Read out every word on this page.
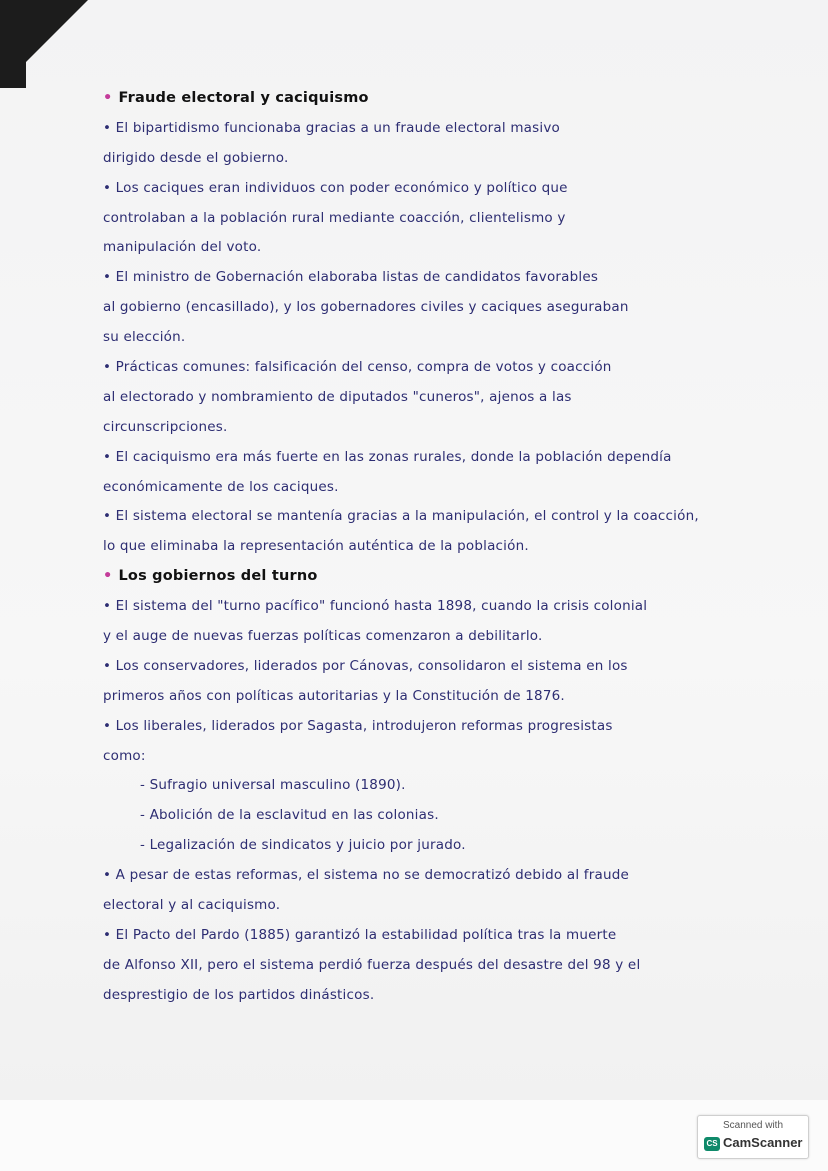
• Fraude electoral y caciquismo
• El bipartidismo funcionaba gracias a un fraude electoral masivo
dirigido desde el gobierno.
• Los caciques eran individuos con poder económico y político que
controlaban a la población rural mediante coacción, clientelismo y
manipulación del voto.
• El ministro de Gobernación elaboraba listas de candidatos favorables
al gobierno (encasillado), y los gobernadores civiles y caciques aseguraban
su elección.
• Prácticas comunes: falsificación del censo, compra de votos y coacción
al electorado y nombramiento de diputados "cuneros", ajenos a las
circunscripciones.
• El caciquismo era más fuerte en las zonas rurales, donde la población dependía
económicamente de los caciques.
• El sistema electoral se mantenía gracias a la manipulación, el control y la coacción,
lo que eliminaba la representación auténtica de la población.
• Los gobiernos del turno
• El sistema del "turno pacífico" funcionó hasta 1898, cuando la crisis colonial
y el auge de nuevas fuerzas políticas comenzaron a debilitarlo.
• Los conservadores, liderados por Cánovas, consolidaron el sistema en los
primeros años con políticas autoritarias y la Constitución de 1876.
• Los liberales, liderados por Sagasta, introdujeron reformas progresistas
como:
- Sufragio universal masculino (1890).
- Abolición de la esclavitud en las colonias.
- Legalización de sindicatos y juicio por jurado.
• A pesar de estas reformas, el sistema no se democratizó debido al fraude
electoral y al caciquismo.
• El Pacto del Pardo (1885) garantizó la estabilidad política tras la muerte
de Alfonso XII, pero el sistema perdió fuerza después del desastre del 98 y el
desprestigio de los partidos dinásticos.
Scanned with
CS CamScanner
